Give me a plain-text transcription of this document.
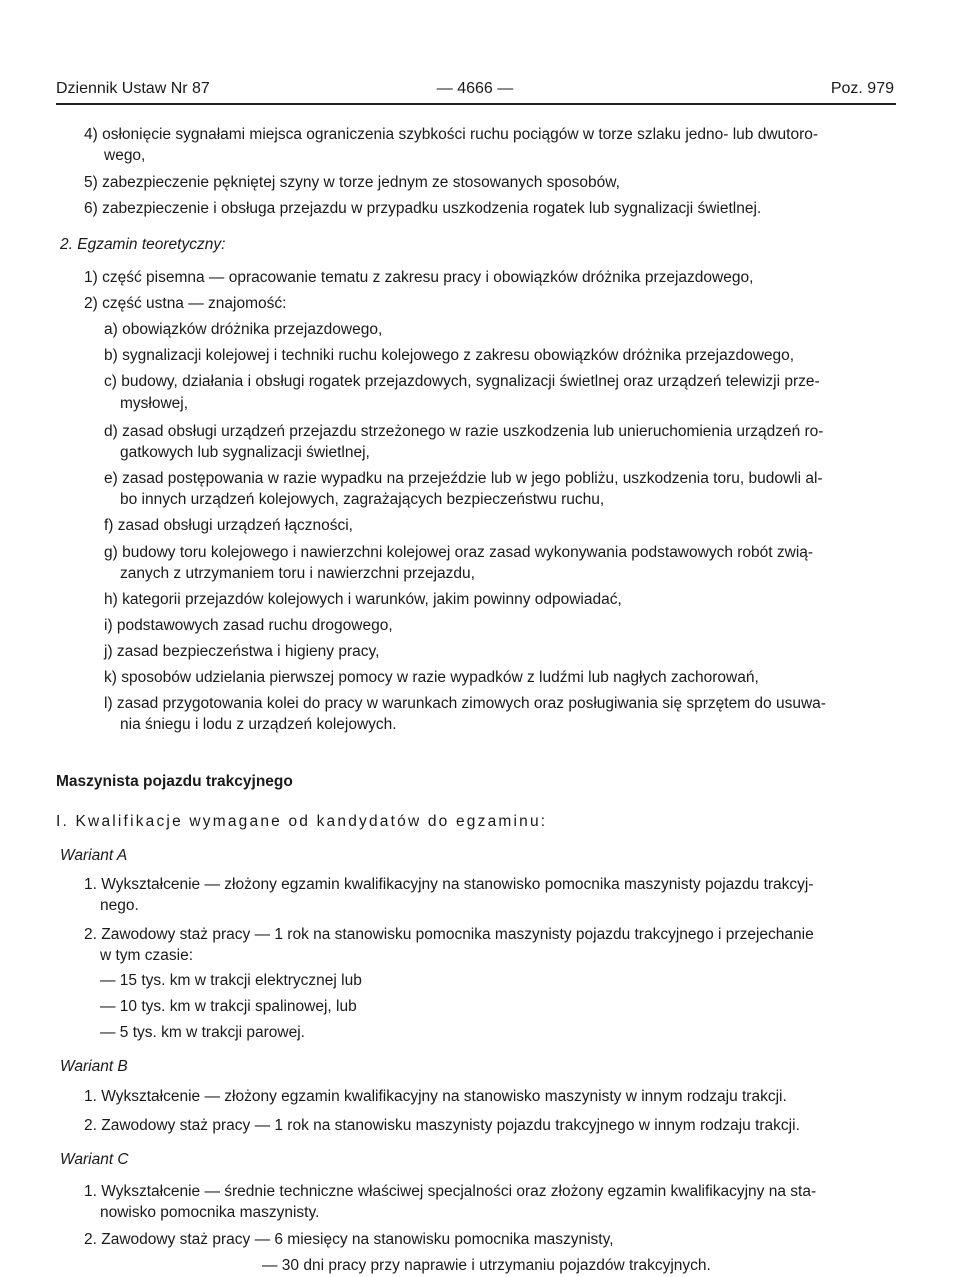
Dziennik Ustaw Nr 87	— 4666 —	Poz. 979
4) osłonięcie sygnałami miejsca ograniczenia szybkości ruchu pociągów w torze szlaku jedno- lub dwutoro-
wego,
5) zabezpieczenie pękniętej szyny w torze jednym ze stosowanych sposobów,
6) zabezpieczenie i obsługa przejazdu w przypadku uszkodzenia rogatek lub sygnalizacji świetlnej.
2. Egzamin teoretyczny:
1) część pisemna — opracowanie tematu z zakresu pracy i obowiązków dróżnika przejazdowego,
2) część ustna — znajomość:
a) obowiązków dróżnika przejazdowego,
b) sygnalizacji kolejowej i techniki ruchu kolejowego z zakresu obowiązków dróżnika przejazdowego,
c) budowy, działania i obsługi rogatek przejazdowych, sygnalizacji świetlnej oraz urządzeń telewizji prze-
mysłowej,
d) zasad obsługi urządzeń przejazdu strzeżonego w razie uszkodzenia lub unieruchomienia urządzeń ro-
gatkowych lub sygnalizacji świetlnej,
e) zasad postępowania w razie wypadku na przejeździe lub w jego pobliżu, uszkodzenia toru, budowli al-
bo innych urządzeń kolejowych, zagrażających bezpieczeństwu ruchu,
f) zasad obsługi urządzeń łączności,
g) budowy toru kolejowego i nawierzchni kolejowej oraz zasad wykonywania podstawowych robót zwią-
zanych z utrzymaniem toru i nawierzchni przejazdu,
h) kategorii przejazdów kolejowych i warunków, jakim powinny odpowiadać,
i) podstawowych zasad ruchu drogowego,
j) zasad bezpieczeństwa i higieny pracy,
k) sposobów udzielania pierwszej pomocy w razie wypadków z ludźmi lub nagłych zachorowań,
l) zasad przygotowania kolei do pracy w warunkach zimowych oraz posługiwania się sprzętem do usuwa-
nia śniegu i lodu z urządzeń kolejowych.
Maszynista pojazdu trakcyjnego
I. Kwalifikacje wymagane od kandydatów do egzaminu:
Wariant A
1. Wykształcenie — złożony egzamin kwalifikacyjny na stanowisko pomocnika maszynisty pojazdu trakcyj-
nego.
2. Zawodowy staż pracy — 1 rok na stanowisku pomocnika maszynisty pojazdu trakcyjnego i przejechanie
w tym czasie:
— 15 tys. km w trakcji elektrycznej lub
— 10 tys. km w trakcji spalinowej, lub
— 5 tys. km w trakcji parowej.
Wariant B
1. Wykształcenie — złożony egzamin kwalifikacyjny na stanowisko maszynisty w innym rodzaju trakcji.
2. Zawodowy staż pracy — 1 rok na stanowisku maszynisty pojazdu trakcyjnego w innym rodzaju trakcji.
Wariant C
1. Wykształcenie — średnie techniczne właściwej specjalności oraz złożony egzamin kwalifikacyjny na sta-
nowisko pomocnika maszynisty.
2. Zawodowy staż pracy — 6 miesięcy na stanowisku pomocnika maszynisty,
— 30 dni pracy przy naprawie i utrzymaniu pojazdów trakcyjnych.
